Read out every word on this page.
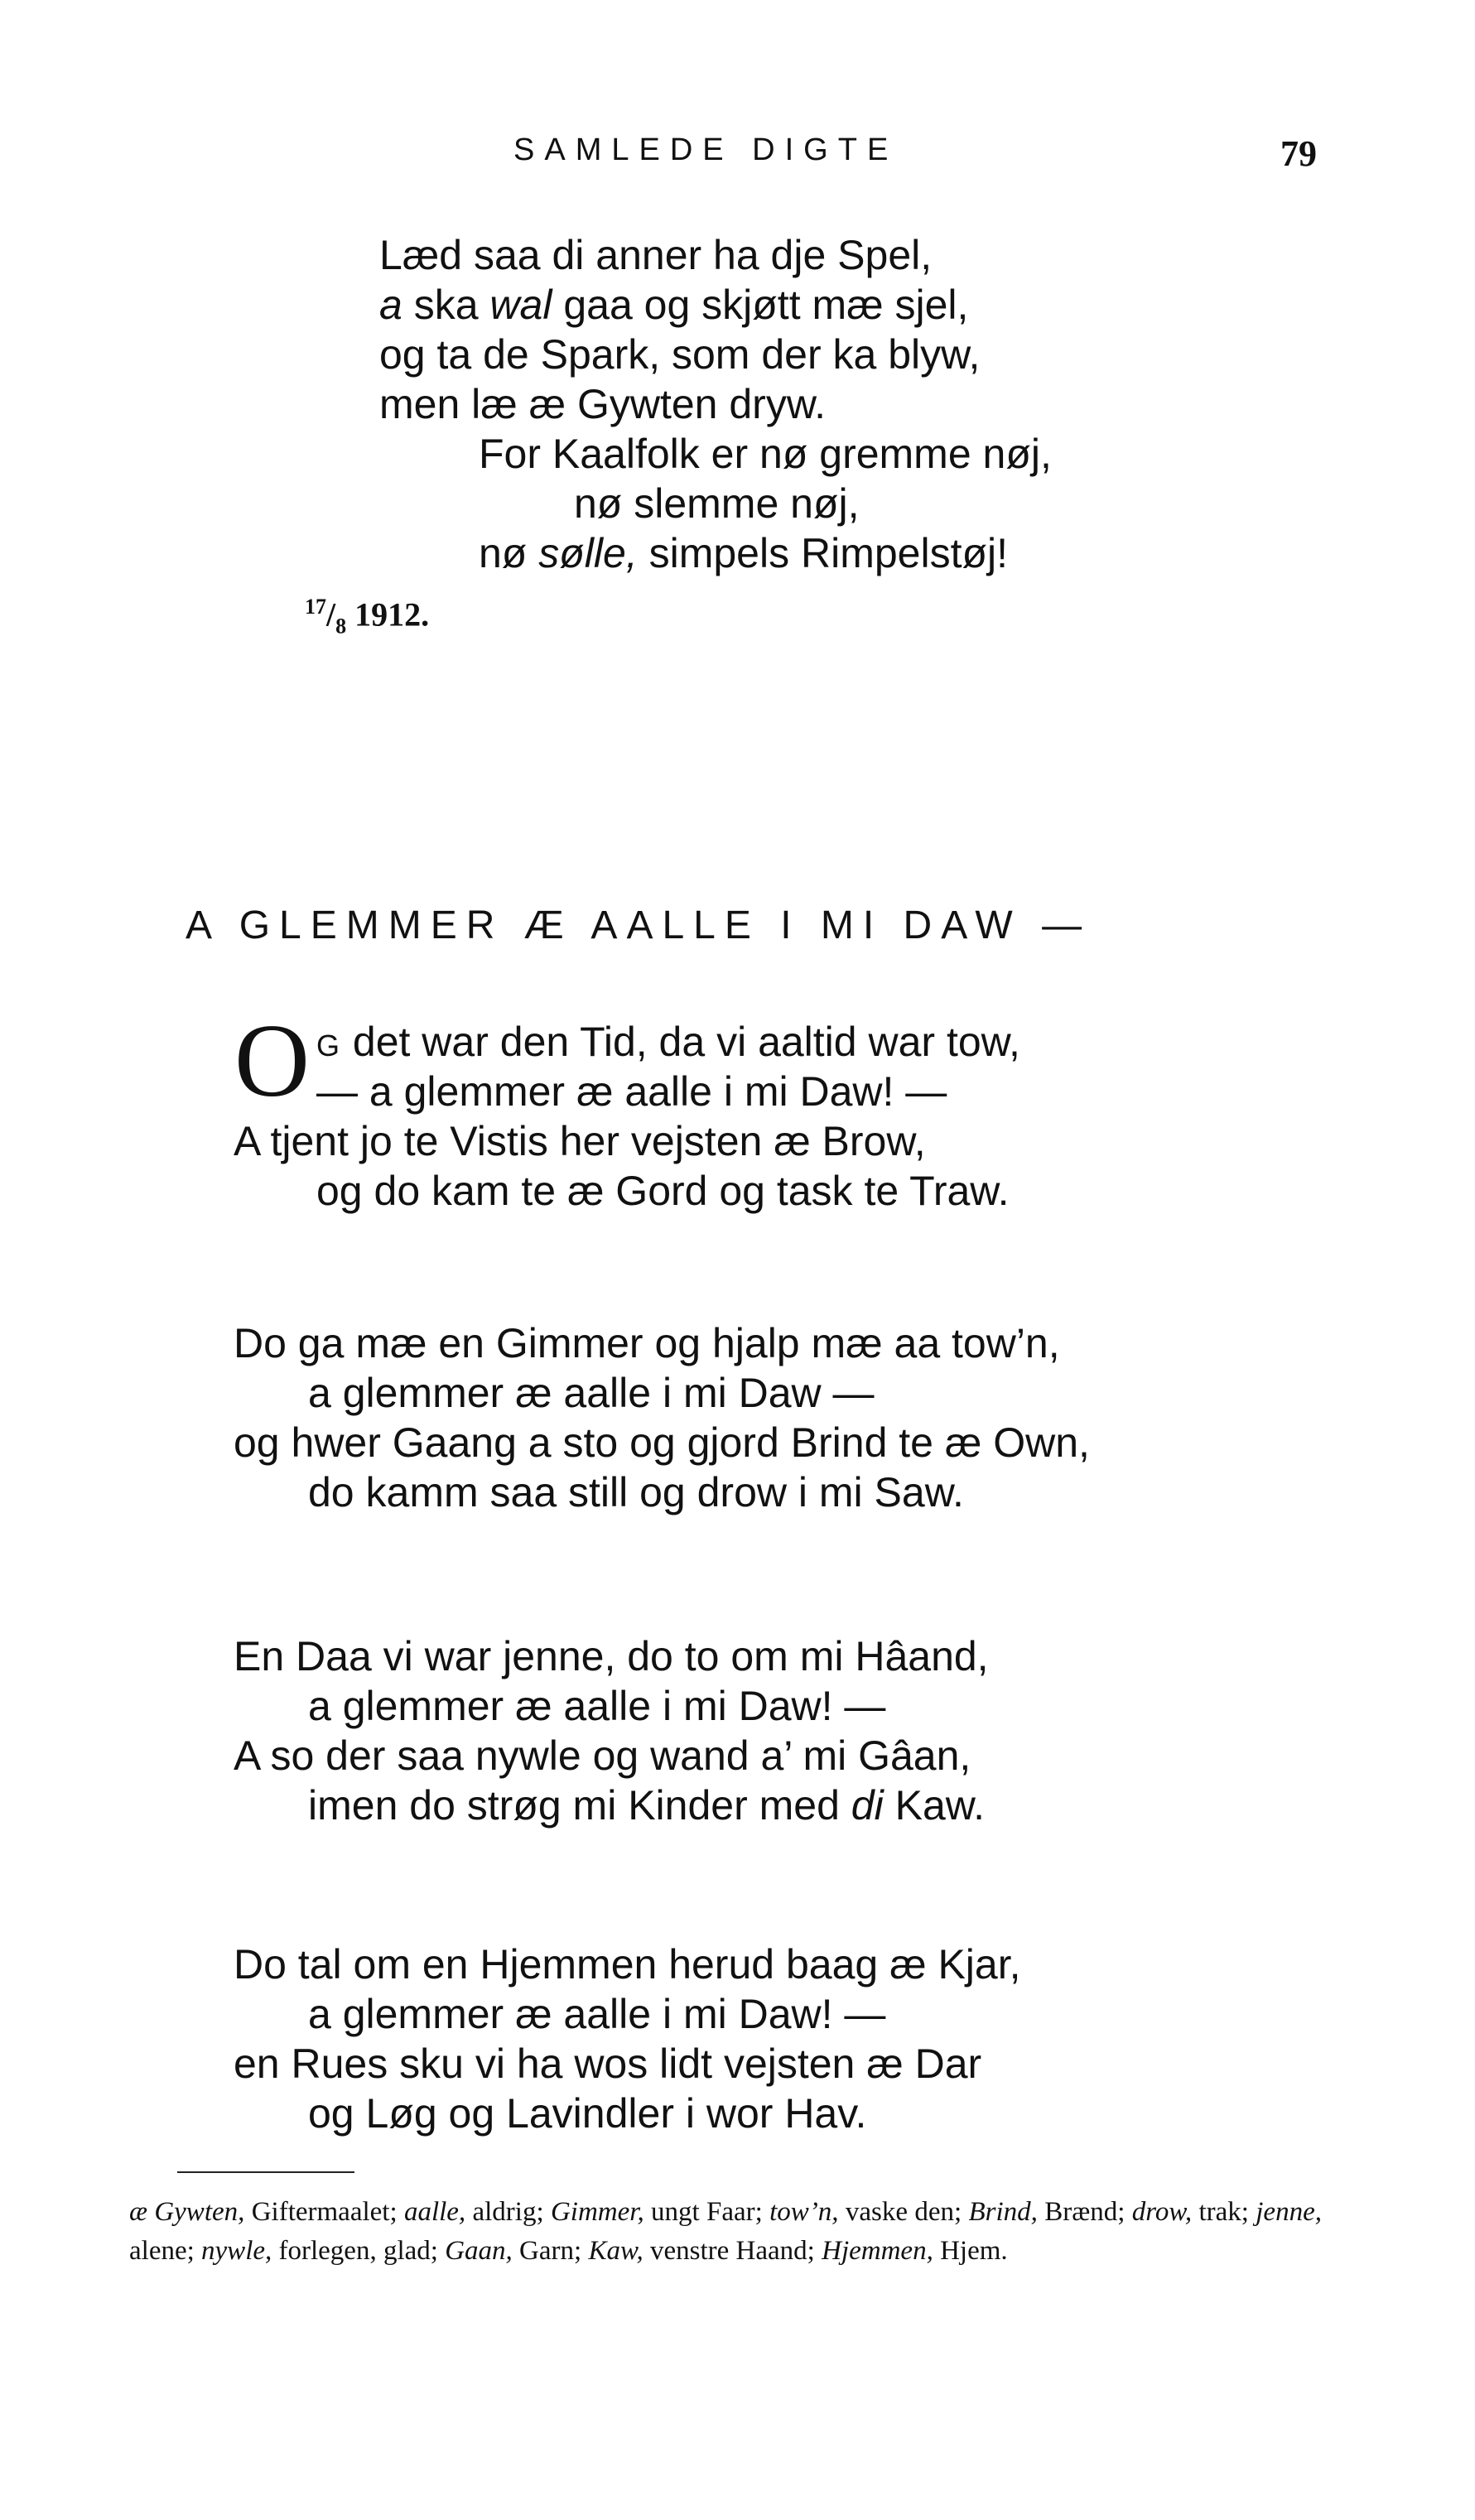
SAMLEDE DIGTE	79
Læd saa di anner ha dje Spel,
a ska wal gaa og skjøtt mæ sjel,
og ta de Spark, som der ka blyw,
men læ æ Gywten dryw.
For Kaalfolk er nø gremme nøj,
nø slemme nøj,
nø sølle, simpels Rimpelstøj!
$^{17}/_8$ 1912.
A GLEMMER Æ AALLE I MI DAW —
O G det war den Tid, da vi aaltid war tow,
— a glemmer æ aalle i mi Daw! —
A tjent jo te Vistis her vejsten æ Brow,
og do kam te æ Gord og task te Traw.
Do ga mæ en Gimmer og hjalp mæ aa tow’n,
a glemmer æ aalle i mi Daw —
og hwer Gaang a sto og gjord Brind te æ Own,
do kamm saa still og drow i mi Saw.
En Daa vi war jenne, do to om mi Hâand,
a glemmer æ aalle i mi Daw! —
A so der saa nywle og wand a’ mi Gâan,
imen do strøg mi Kinder med di Kaw.
Do tal om en Hjemmen herud baag æ Kjar,
a glemmer æ aalle i mi Daw! —
en Rues sku vi ha wos lidt vejsten æ Dar
og Løg og Lavindler i wor Hav.
æ Gywten, Giftermaalet; aalle, aldrig; Gimmer, ungt Faar; tow’n, vaske den; Brind, Brænd; drow, trak; jenne, alene; nywle, forlegen, glad; Gaan, Garn; Kaw, venstre Haand; Hjemmen, Hjem.
